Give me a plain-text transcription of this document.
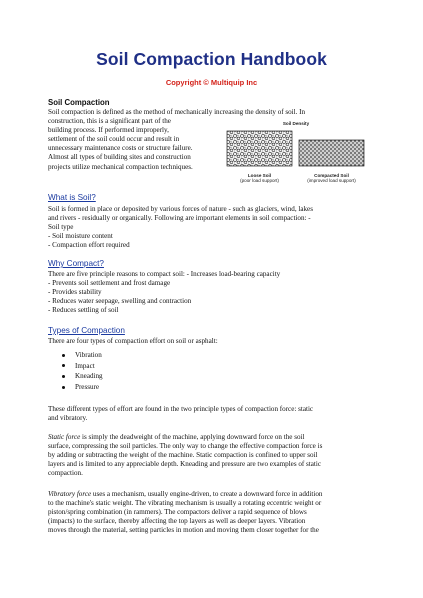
Soil Compaction Handbook
Copyright © Multiquip Inc
Soil Compaction
Soil compaction is defined as the method of mechanically increasing the density of soil. In
construction, this is a significant part of the
building process. If performed improperly,
settlement of the soil could occur and result in
unnecessary maintenance costs or structure failure.
Almost all types of building sites and construction
projects utilize mechanical compaction techniques.
Soil Density
Loose Soil
(poor load support)
Compacted Soil
(improved load support)
What is Soil?
Soil is formed in place or deposited by various forces of nature - such as glaciers, wind, lakes
and rivers - residually or organically. Following are important elements in soil compaction: -
Soil type
- Soil moisture content
- Compaction effort required
Why Compact?
There are five principle reasons to compact soil: - Increases load-bearing capacity
- Prevents soil settlement and frost damage
- Provides stability
- Reduces water seepage, swelling and contraction
- Reduces settling of soil
Types of Compaction
There are four types of compaction effort on soil or asphalt:
Vibration
Impact
Kneading
Pressure
These different types of effort are found in the two principle types of compaction force: static
and vibratory.
Static force is simply the deadweight of the machine, applying downward force on the soil
surface, compressing the soil particles. The only way to change the effective compaction force is
by adding or subtracting the weight of the machine. Static compaction is confined to upper soil
layers and is limited to any appreciable depth. Kneading and pressure are two examples of static
compaction.
Vibratory force uses a mechanism, usually engine-driven, to create a downward force in addition
to the machine's static weight. The vibrating mechanism is usually a rotating eccentric weight or
piston/spring combination (in rammers). The compactors deliver a rapid sequence of blows
(impacts) to the surface, thereby affecting the top layers as well as deeper layers. Vibration
moves through the material, setting particles in motion and moving them closer together for the
